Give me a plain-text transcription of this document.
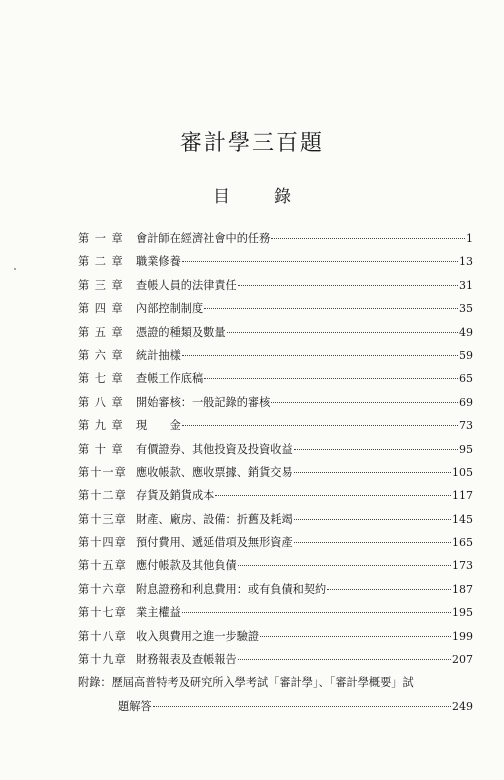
審計學三百題
目錄
第 一 章	會計師在經濟社會中的任務	1
第 二 章	職業修養	13
第 三 章	查帳人員的法律責任	31
第 四 章	內部控制制度	35
第 五 章	憑證的種類及數量	49
第 六 章	統計抽樣	59
第 七 章	查帳工作底稿	65
第 八 章	開始審核：一般記錄的審核	69
第 九 章	現　　金	73
第 十 章	有價證券、其他投資及投資收益	95
第十一章 應收帳款、應收票據、銷貨交易	105
第十二章 存貨及銷貨成本	117
第十三章 財產、廠房、設備：折舊及耗竭	145
第十四章 預付費用、遞延借項及無形資產	165
第十五章 應付帳款及其他負債	173
第十六章 附息證務和利息費用：或有負債和契約	187
第十七章 業主權益	195
第十八章 收入與費用之進一步驗證	199
第十九章 財務報表及查帳報告	207
附錄： 歷屆高普特考及研究所入學考試「審計學」、「審計學概要」試
題解答	249
